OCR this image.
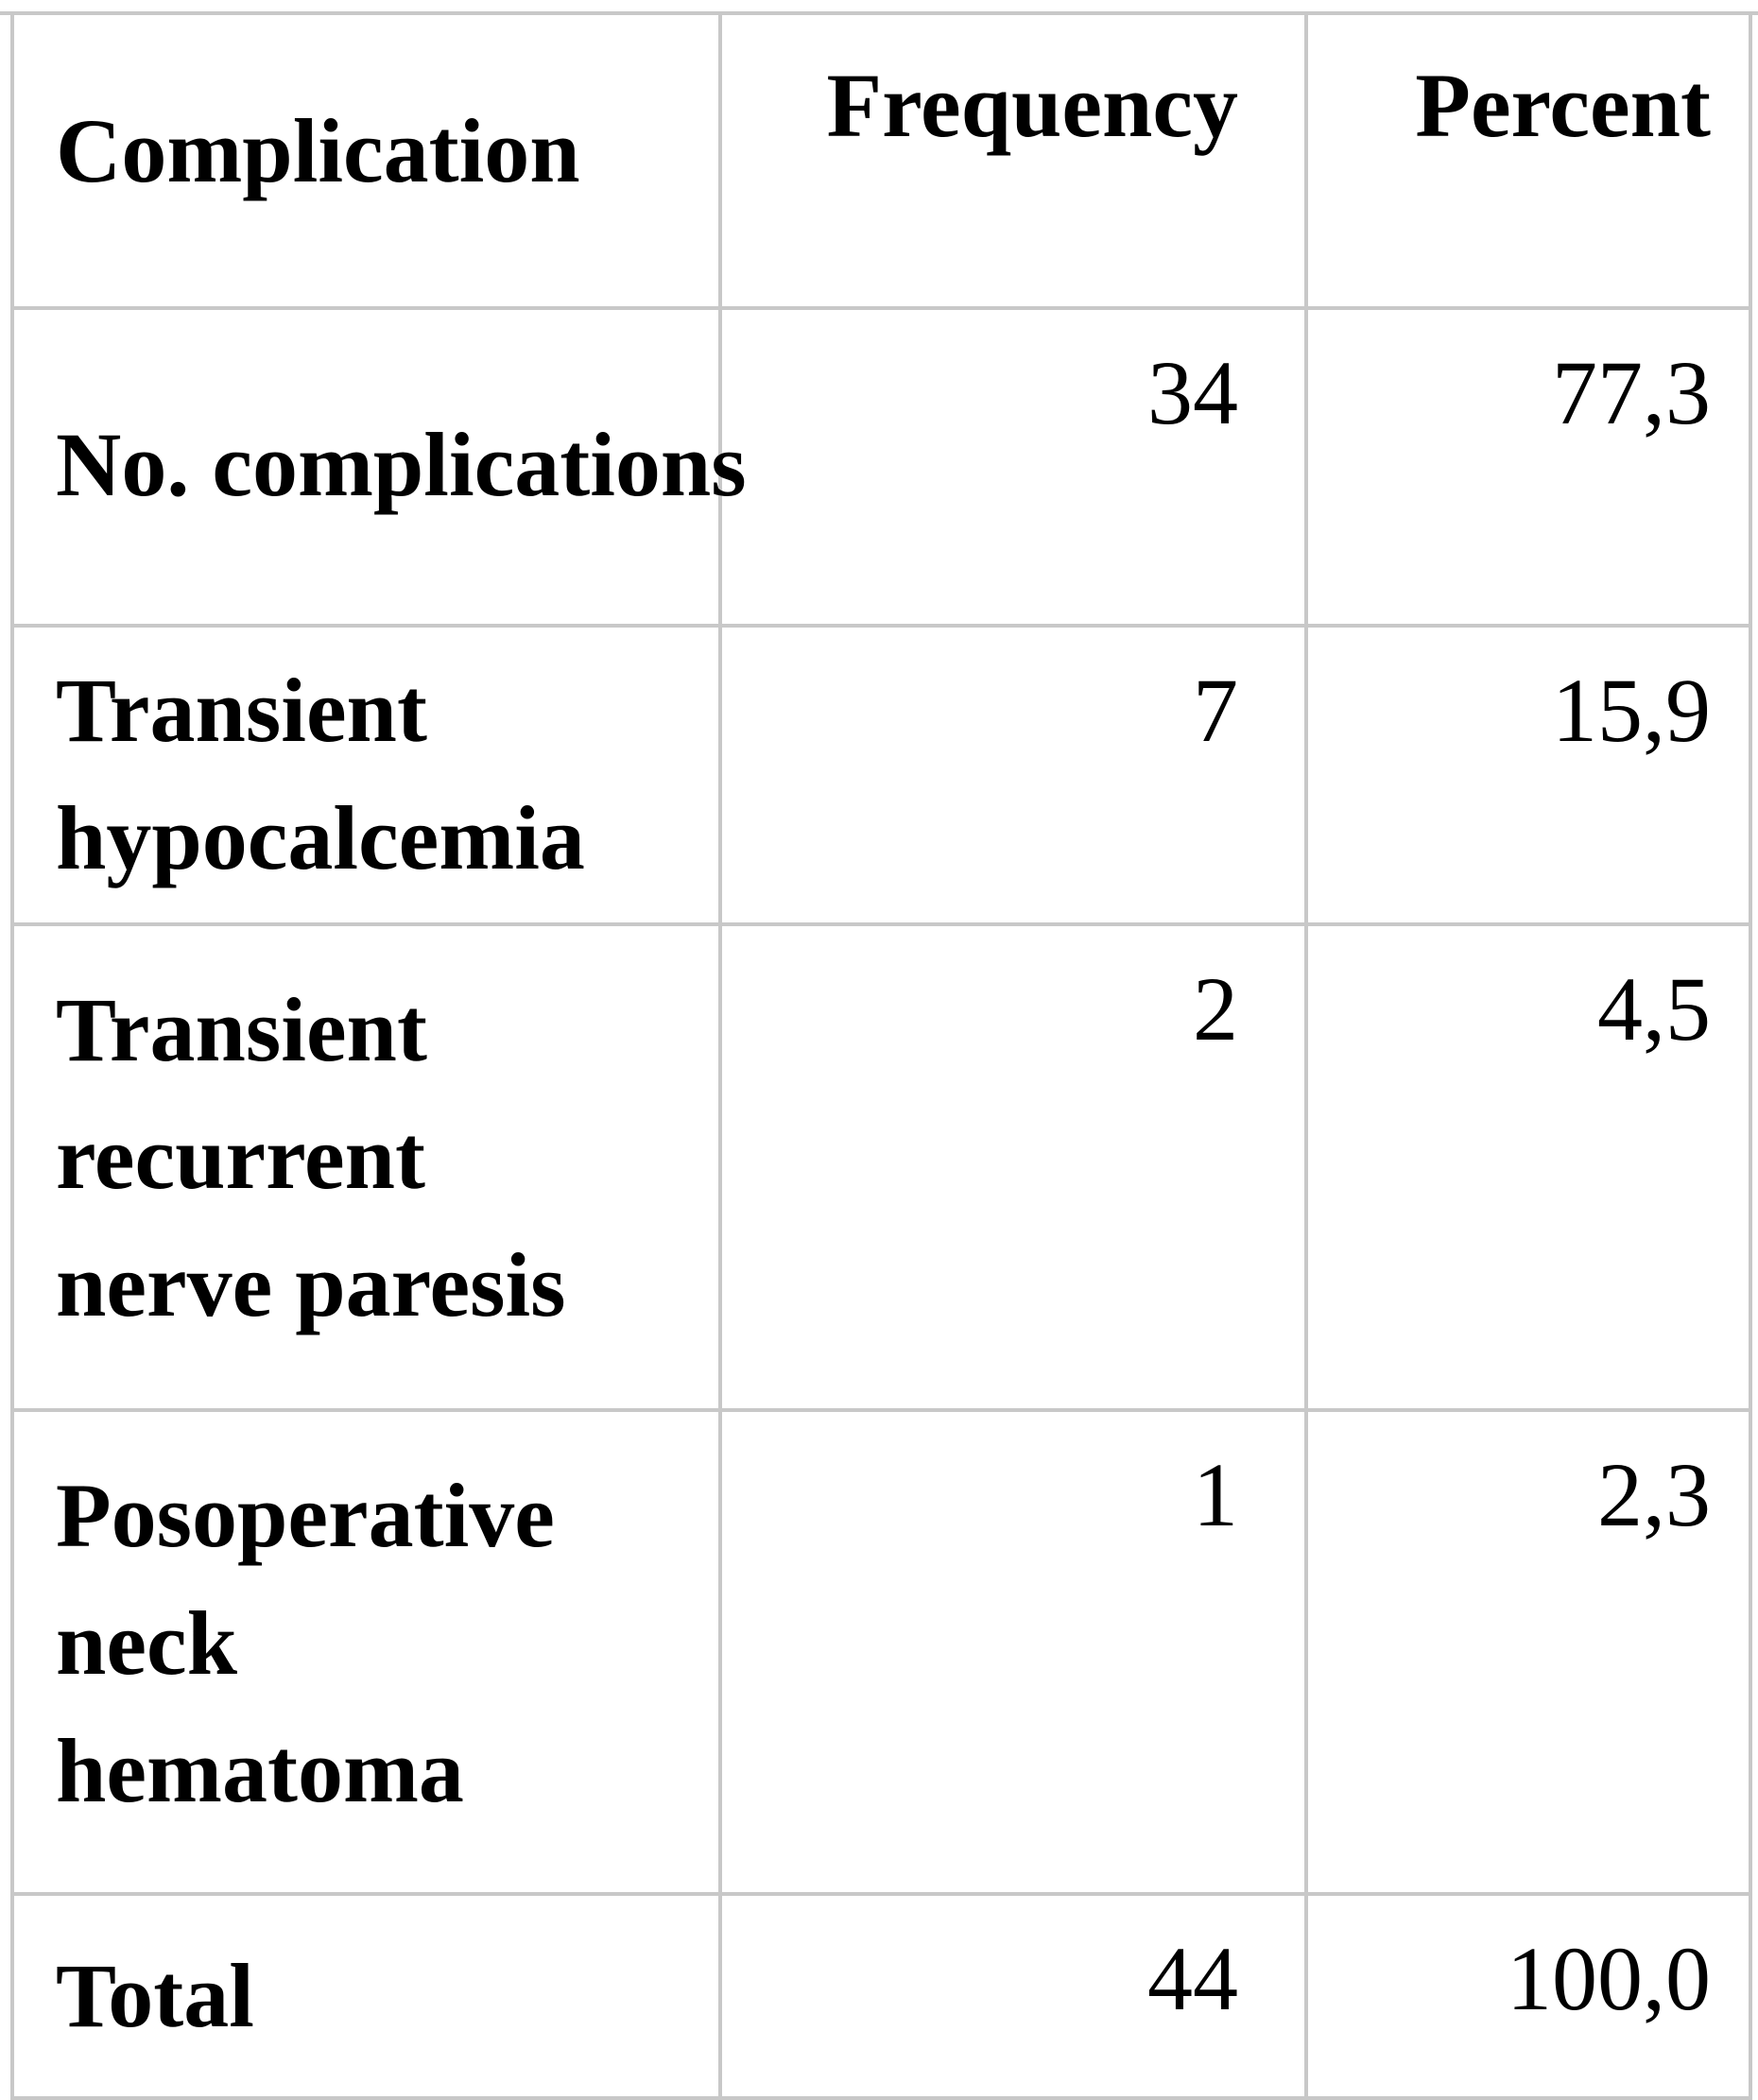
Complication	Frequency	Percent
No. complications	34	77,3
Transient hypocalcemia	7	15,9
Transient recurrent nerve paresis	2	4,5
Posoperative neck hematoma	1	2,3
Total	44	100,0
